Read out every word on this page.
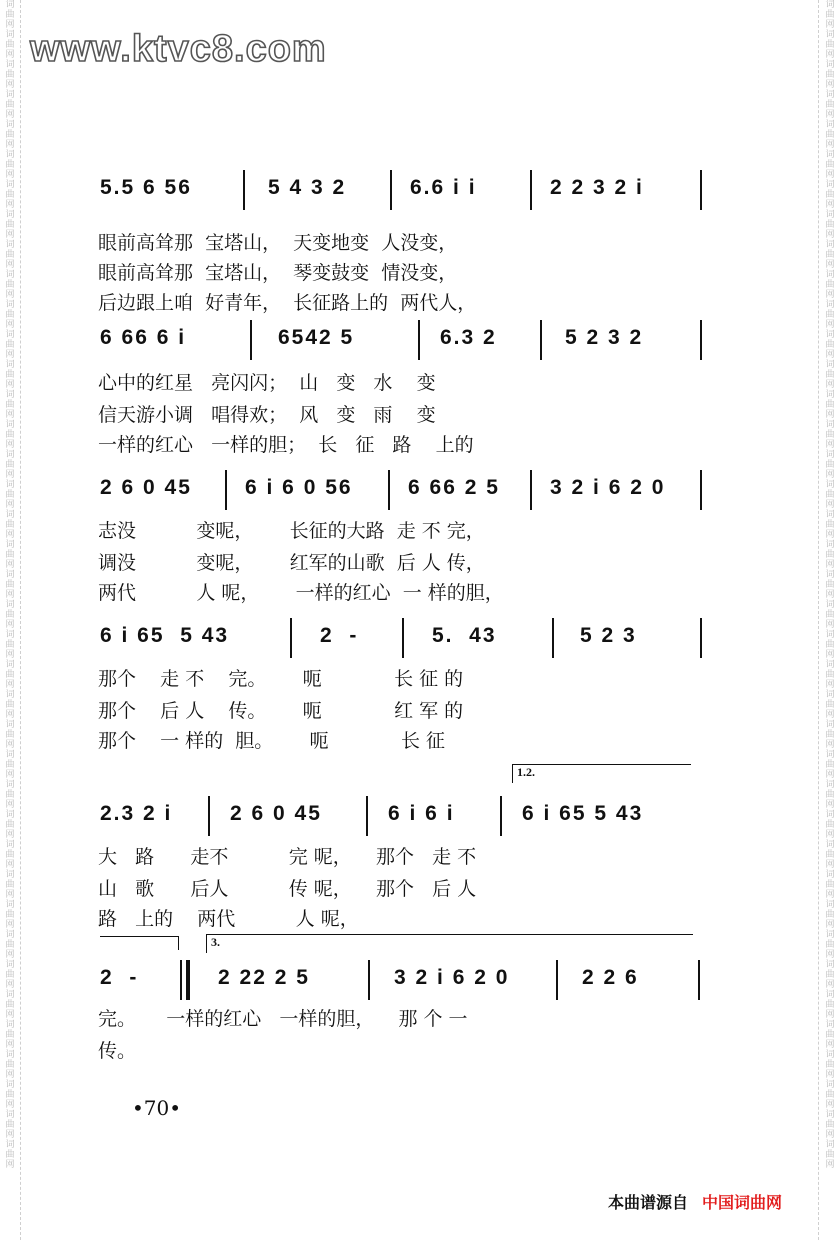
词曲网词曲网词曲网词曲网词曲网词曲网词曲网词曲网词曲网词曲网词曲网词曲网词曲网词曲网词曲网词曲网词曲网词曲网词曲网词曲网词曲网词曲网词曲网词曲网词曲网词曲网词曲网词曲网词曲网词曲网词曲网词曲网词曲网词曲网词曲网词曲网词曲网词曲网词曲网
词曲网词曲网词曲网词曲网词曲网词曲网词曲网词曲网词曲网词曲网词曲网词曲网词曲网词曲网词曲网词曲网词曲网词曲网词曲网词曲网词曲网词曲网词曲网词曲网词曲网词曲网词曲网词曲网词曲网词曲网词曲网词曲网词曲网词曲网词曲网词曲网词曲网词曲网词曲网
www.ktvc8.com
5.5 6 56	5 4 3 2	6.6 i i	2 2 3 2 i
眼前高耸那  宝塔山，  天变地变  人没变，
眼前高耸那  宝塔山，  琴变鼓变  情没变，
后边跟上咱  好青年，  长征路上的  两代人，
6 66 6 i	6542 5	6.3 2	5 2 3 2
心中的红星   亮闪闪；  山   变   水    变
信天游小调   唱得欢；  风   变   雨    变
一样的红心   一样的胆；  长   征   路    上的
2 6 0 45	6 i 6 0 56	6 66 2 5 3 2 i 6 2 0
志没          变呢，      长征的大路  走 不 完，
调没          变呢，      红军的山歌  后 人 传，
两代          人 呢，      一样的红心  一 样的胆，
6 i 65  5 43	2  -	5.  43	5 2 3
那个    走 不    完。      呃            长 征 的
那个    后 人    传。      呃            红 军 的
那个    一 样的  胆。      呃            长 征
1.2.
2.3 2 i	2 6 0 45	6 i 6 i	6 i 65 5 43
大   路      走不          完 呢，    那个   走 不
山   歌      后人          传 呢，    那个   后 人
路   上的    两代          人 呢，
3.
2  -	2 22 2 5	3 2 i 6 2 0	2 2 6
完。     一样的红心   一样的胆，    那 个 一
传。
•70•
本曲谱源自 中国词曲网
